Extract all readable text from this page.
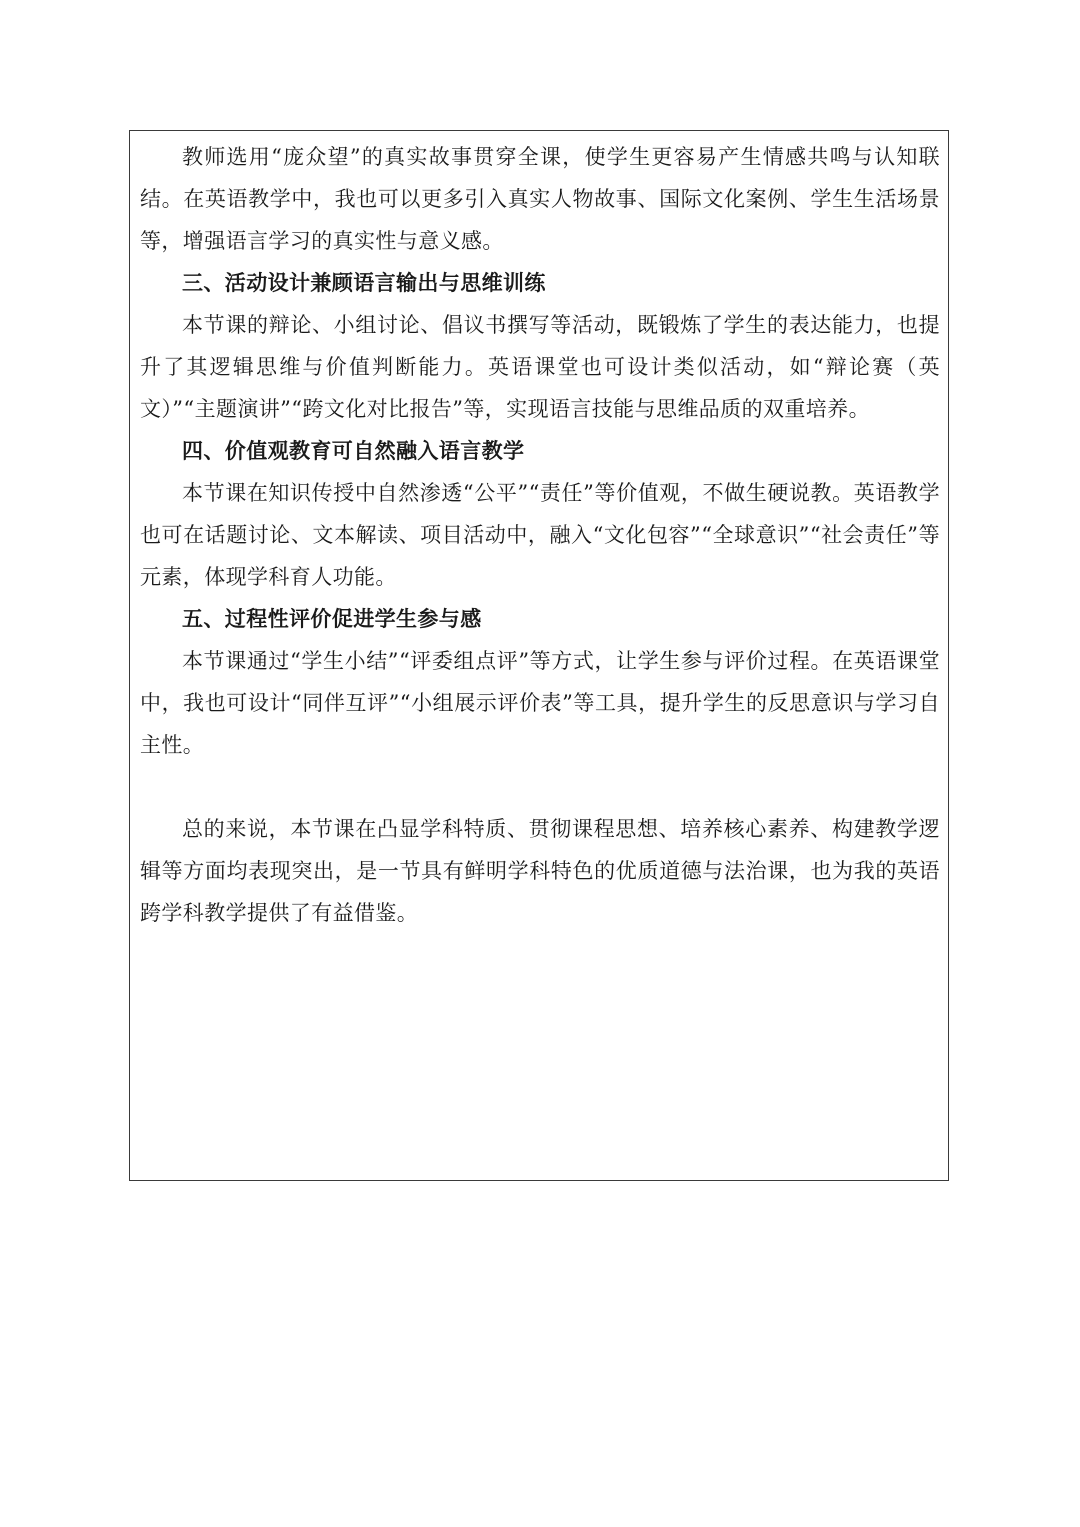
教师选用“庞众望”的真实故事贯穿全课，使学生更容易产生情感共鸣与认知联结。在英语教学中，我也可以更多引入真实人物故事、国际文化案例、学生生活场景等，增强语言学习的真实性与意义感。

三、活动设计兼顾语言输出与思维训练

本节课的辩论、小组讨论、倡议书撰写等活动，既锻炼了学生的表达能力，也提升了其逻辑思维与价值判断能力。英语课堂也可设计类似活动，如“辩论赛（英文）”“主题演讲”“跨文化对比报告”等，实现语言技能与思维品质的双重培养。

四、价值观教育可自然融入语言教学

本节课在知识传授中自然渗透“公平”“责任”等价值观，不做生硬说教。英语教学也可在话题讨论、文本解读、项目活动中，融入“文化包容”“全球意识”“社会责任”等元素，体现学科育人功能。

五、过程性评价促进学生参与感

本节课通过“学生小结”“评委组点评”等方式，让学生参与评价过程。在英语课堂中，我也可设计“同伴互评”“小组展示评价表”等工具，提升学生的反思意识与学习自主性。

总的来说，本节课在凸显学科特质、贯彻课程思想、培养核心素养、构建教学逻辑等方面均表现突出，是一节具有鲜明学科特色的优质道德与法治课，也为我的英语跨学科教学提供了有益借鉴。
